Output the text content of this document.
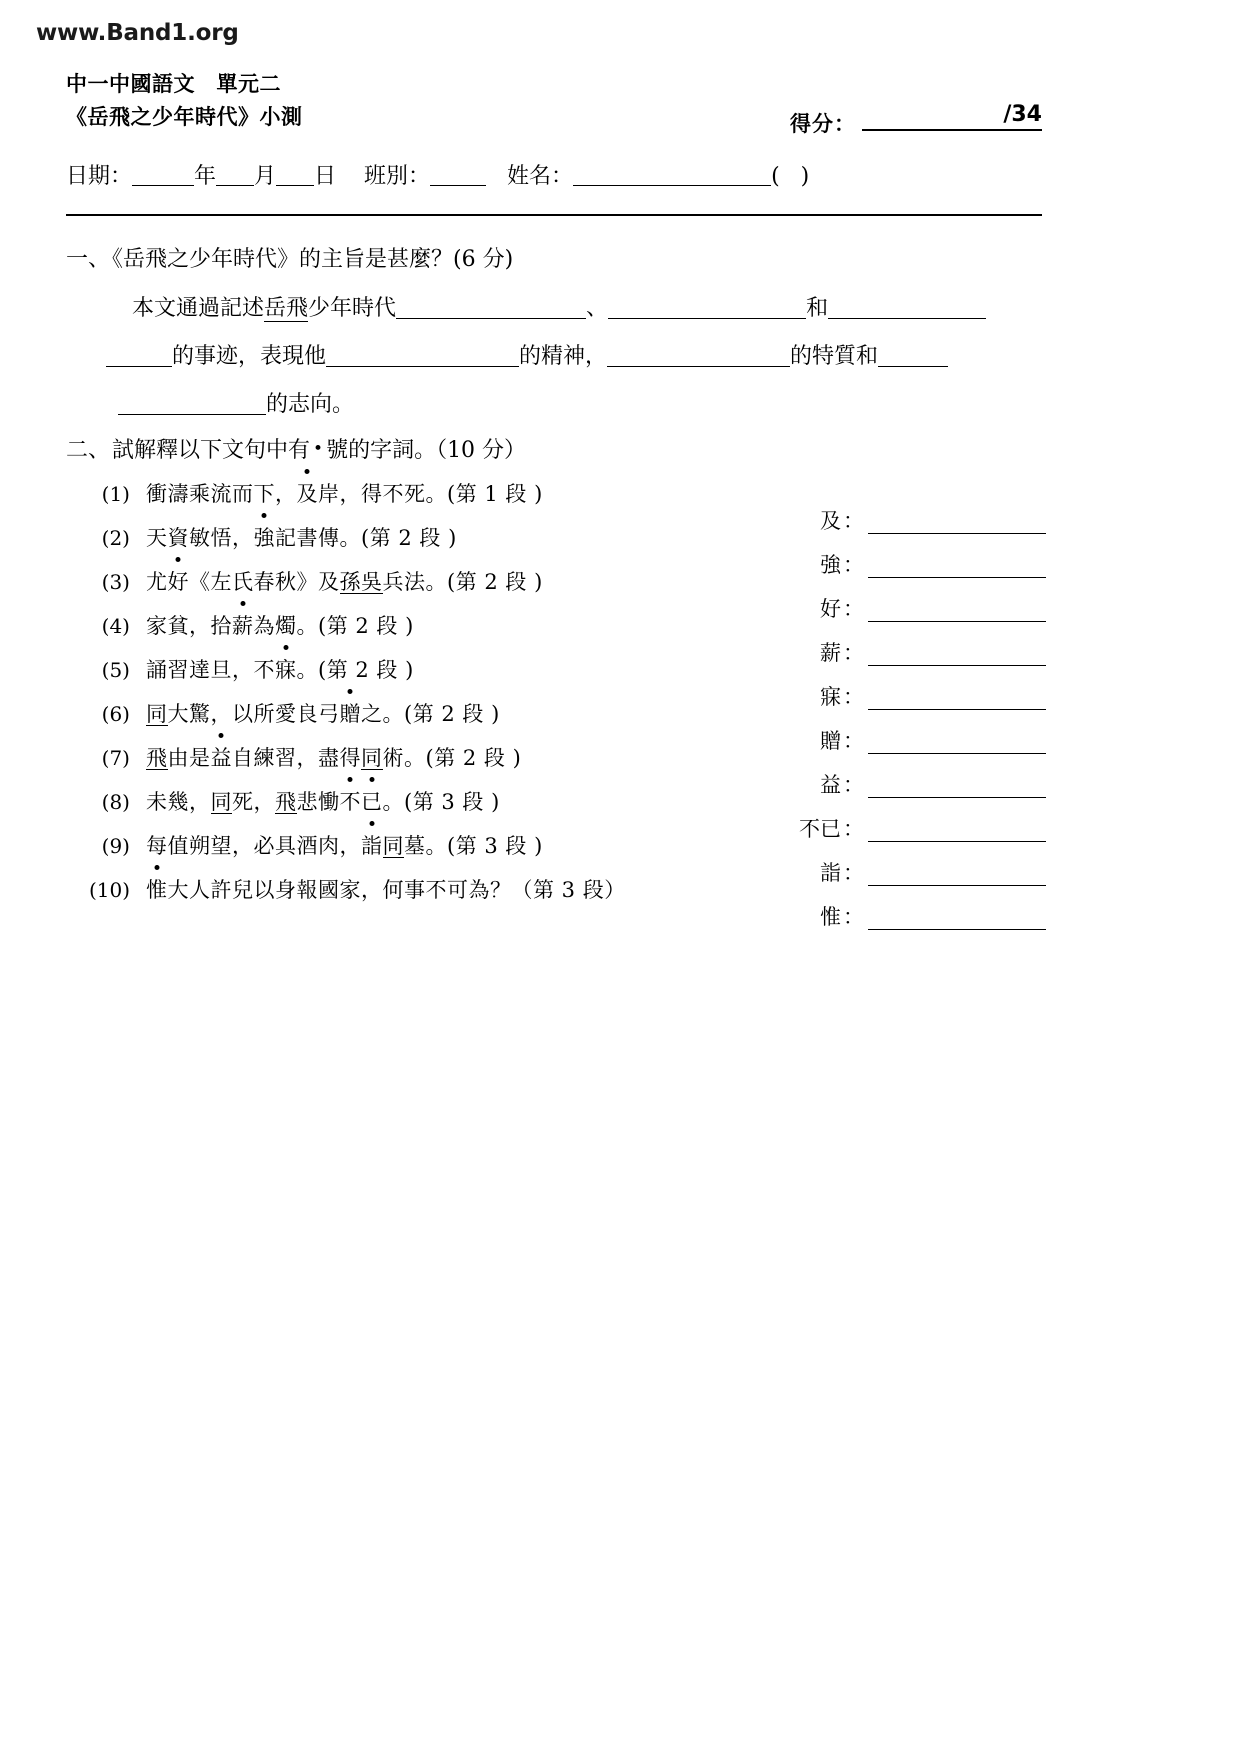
www.Band1.org
中一中國語文　單元二
《岳飛之少年時代》小測	得分：	/34
日期：	年 月 日 班別：	姓名：	( )
一、《岳飛之少年時代》的主旨是甚麼？(6 分)
本文通過記述岳飛少年時代	、	和
的事迹，表現他	的精神，	的特質和
的志向。
二、試解釋以下文句中有 • 號的字詞。（10 分）
(1) 衝濤乘流而下，及岸，得不死。(第 1 段 )
(2) 天資敏悟，強記書傳。(第 2 段 )
(3) 尤好《左氏春秋》及孫吳兵法。(第 2 段 )
(4) 家貧，拾薪為燭。(第 2 段 )
(5) 誦習達旦，不寐。(第 2 段 )
(6) 同大驚，以所愛良弓贈之。(第 2 段 )
(7) 飛由是益自練習，盡得同術。(第 2 段 )
(8) 未幾，同死，飛悲慟不已。(第 3 段 )
(9) 每值朔望，必具酒肉，詣同墓。(第 3 段 )
(10) 惟大人許兒以身報國家，何事不可為？（第 3 段）
及 ：
強 ：
好 ：
薪 ：
寐 ：
贈 ：
益 ：
不已 ：
詣 ：
惟 ：
